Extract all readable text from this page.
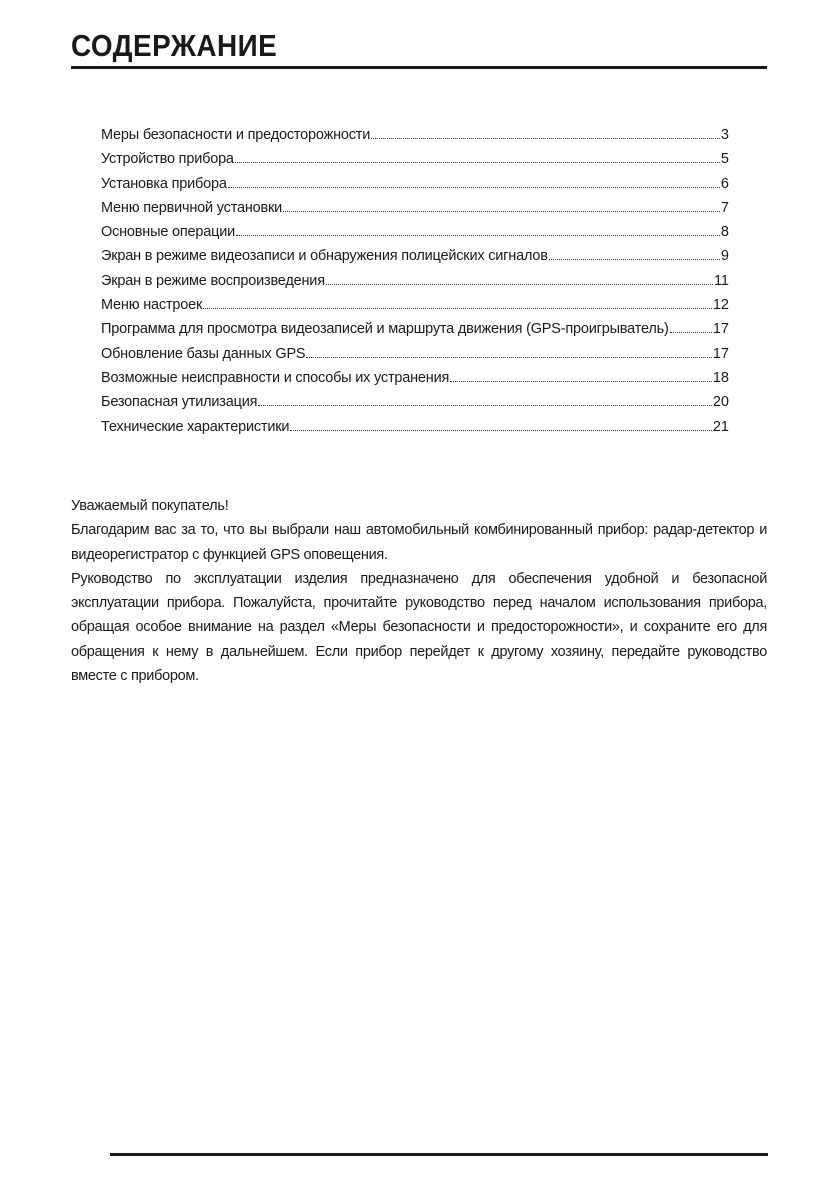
СОДЕРЖАНИЕ
Меры безопасности и предосторожности	3
Устройство прибора	5
Установка прибора	6
Меню первичной установки	7
Основные операции	8
Экран в режиме видеозаписи и обнаружения полицейских сигналов	9
Экран в режиме воспроизведения	11
Меню настроек	12
Программа для просмотра видеозаписей и маршрута движения (GPS-проигрыватель)	17
Обновление базы данных GPS	17
Возможные неисправности и способы их устранения	18
Безопасная утилизация	20
Технические характеристики	21

Уважаемый покупатель!

Благодарим вас за то, что вы выбрали наш автомобильный комбинированный прибор: радар-детектор и видеорегистратор с функцией GPS оповещения.

Руководство по эксплуатации изделия предназначено для обеспечения удобной и безопасной эксплуатации прибора. Пожалуйста, прочитайте руководство перед началом использования прибора, обращая особое внимание на раздел «Меры безопасности и предосторожности», и сохраните его для обращения к нему в дальнейшем. Если прибор перейдет к другому хозяину, передайте руководство вместе с прибором.
